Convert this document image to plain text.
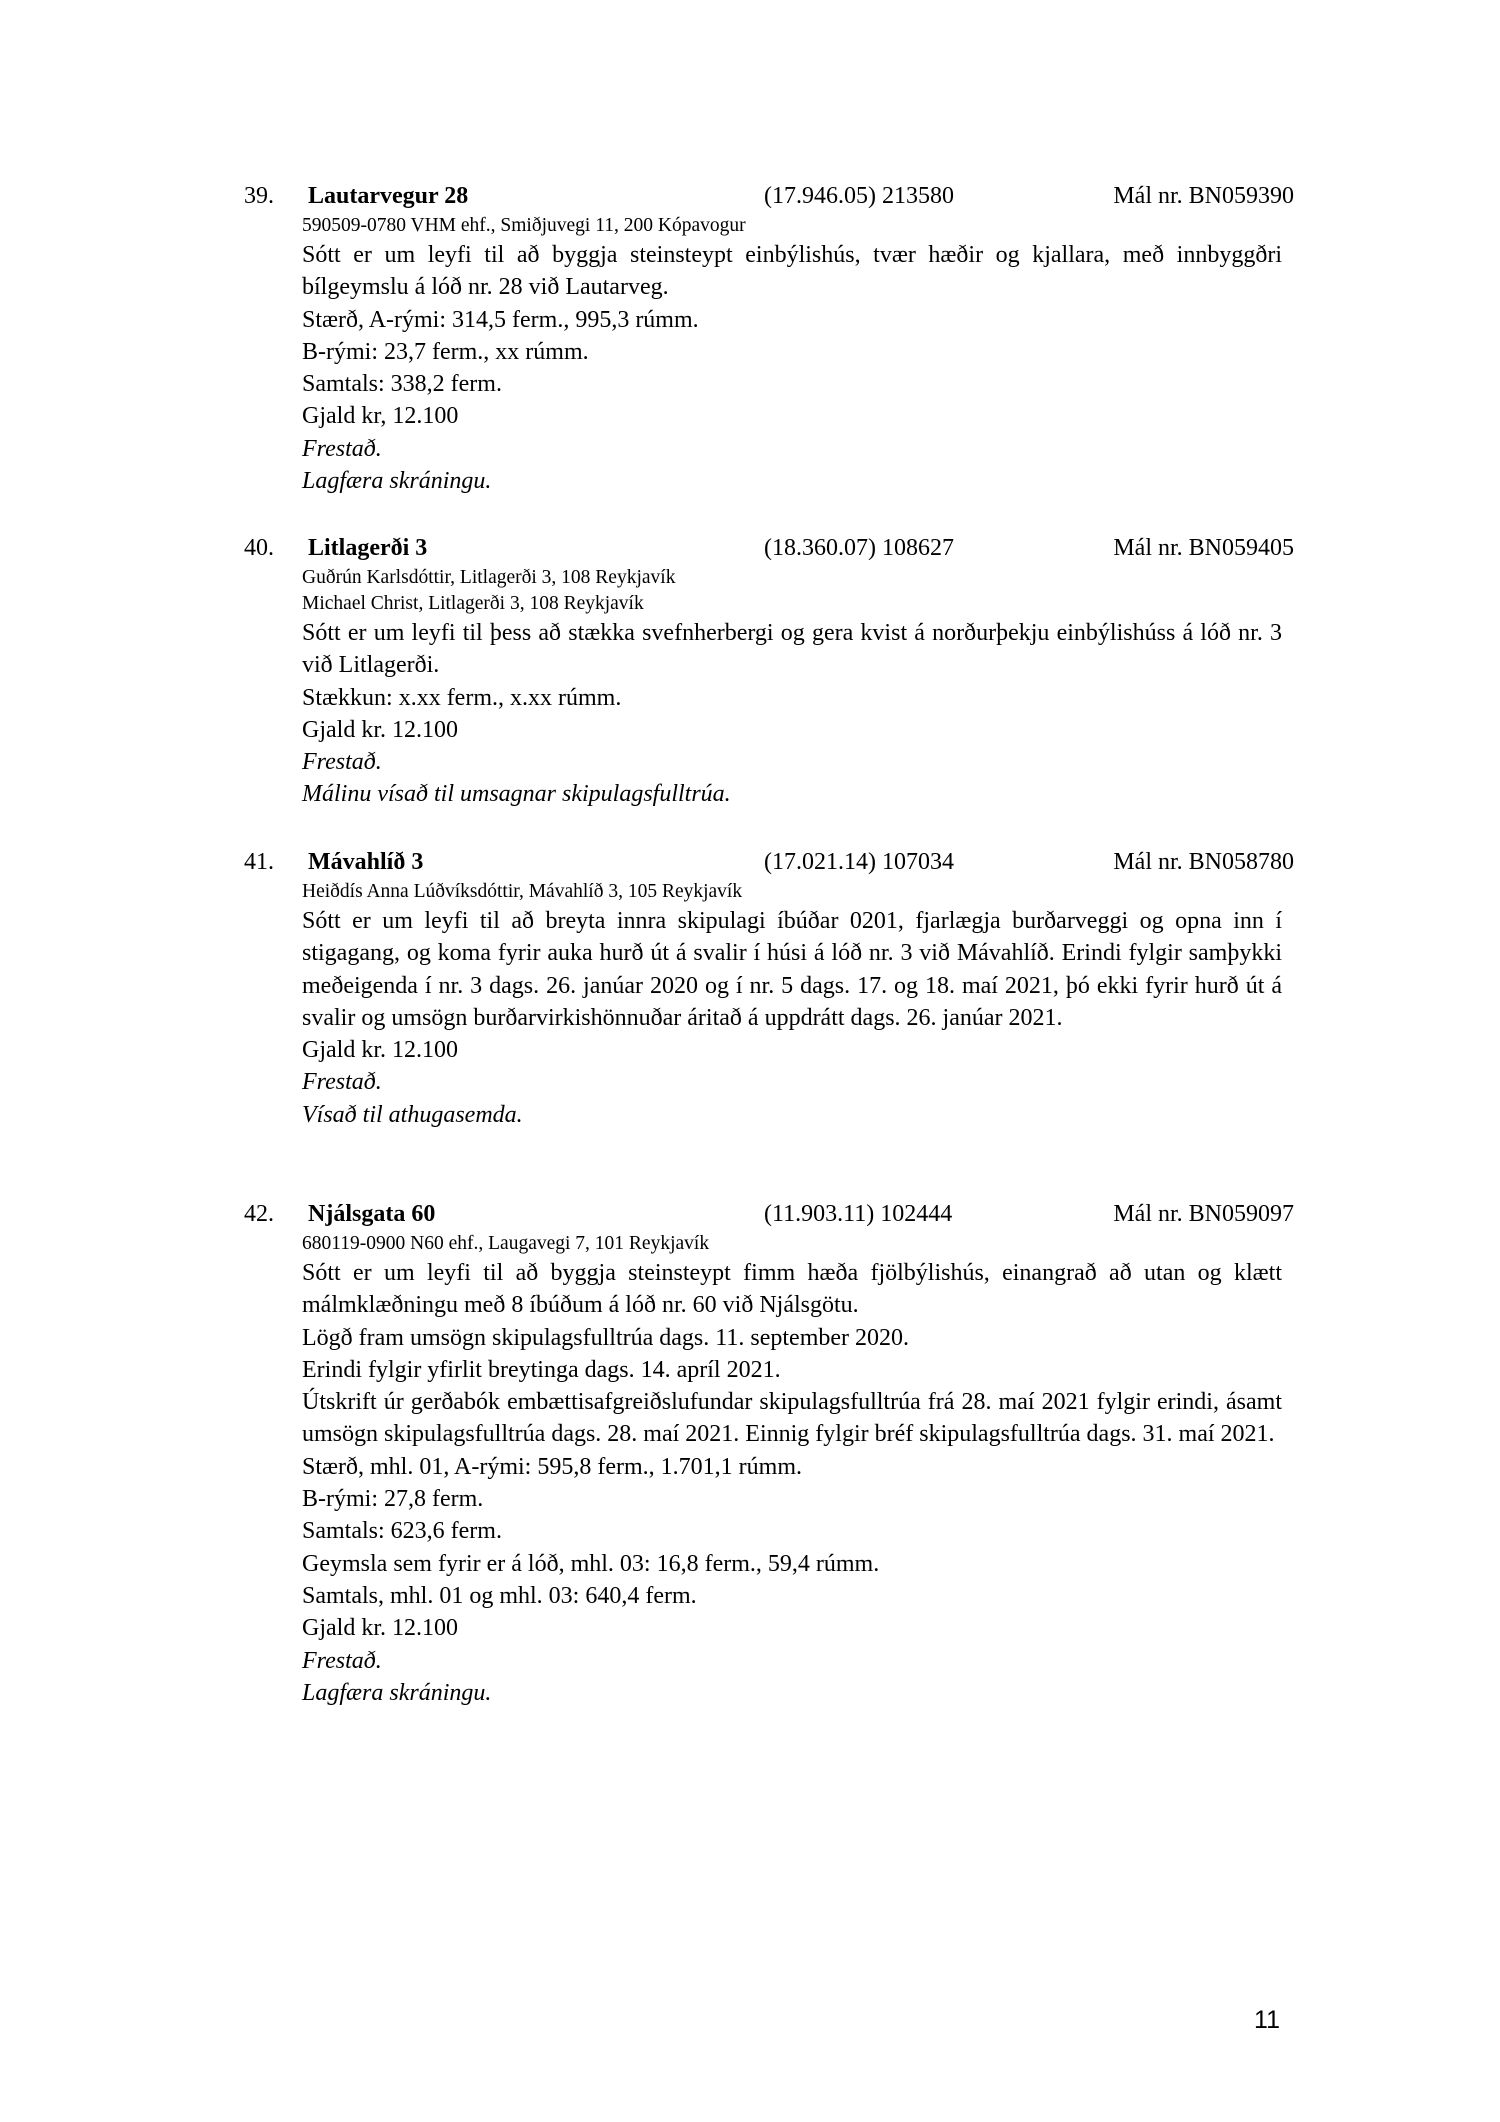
39. Lautarvegur 28	(17.946.05) 213580	Mál nr. BN059390
590509-0780 VHM ehf., Smiðjuvegi 11, 200 Kópavogur
Sótt er um leyfi til að byggja steinsteypt einbýlishús, tvær hæðir og kjallara, með innbyggðri bílgeymslu á lóð nr. 28 við Lautarveg.
Stærð, A-rými: 314,5 ferm., 995,3 rúmm.
B-rými: 23,7 ferm., xx rúmm.
Samtals: 338,2 ferm.
Gjald kr, 12.100
Frestað.
Lagfæra skráningu.
40. Litlagerði 3	(18.360.07) 108627	Mál nr. BN059405
Guðrún Karlsdóttir, Litlagerði 3, 108 Reykjavík
Michael Christ, Litlagerði 3, 108 Reykjavík
Sótt er um leyfi til þess að stækka svefnherbergi og gera kvist á norðurþekju einbýlishúss á lóð nr. 3 við Litlagerði.
Stækkun: x.xx ferm., x.xx rúmm.
Gjald kr. 12.100
Frestað.
Málinu vísað til umsagnar skipulagsfulltrúa.
41. Mávahlíð 3	(17.021.14) 107034	Mál nr. BN058780
Heiðdís Anna Lúðvíksdóttir, Mávahlíð 3, 105 Reykjavík
Sótt er um leyfi til að breyta innra skipulagi íbúðar 0201, fjarlægja burðarveggi og opna inn í stigagang, og koma fyrir auka hurð út á svalir í húsi á lóð nr. 3 við Mávahlíð. Erindi fylgir samþykki meðeigenda í nr. 3 dags. 26. janúar 2020 og í nr. 5 dags. 17. og 18. maí 2021, þó ekki fyrir hurð út á svalir og umsögn burðarvirkishönnuðar áritað á uppdrátt dags. 26. janúar 2021.
Gjald kr. 12.100
Frestað.
Vísað til athugasemda.
42. Njálsgata 60	(11.903.11) 102444	Mál nr. BN059097
680119-0900 N60 ehf., Laugavegi 7, 101 Reykjavík
Sótt er um leyfi til að byggja steinsteypt fimm hæða fjölbýlishús, einangrað að utan og klætt málmklæðningu með 8 íbúðum á lóð nr. 60 við Njálsgötu.
Lögð fram umsögn skipulagsfulltrúa dags. 11. september 2020.
Erindi fylgir yfirlit breytinga dags. 14. apríl 2021.
Útskrift úr gerðabók embættisafgreiðslufundar skipulagsfulltrúa frá 28. maí 2021 fylgir erindi, ásamt umsögn skipulagsfulltrúa dags. 28. maí 2021. Einnig fylgir bréf skipulagsfulltrúa dags. 31. maí 2021.
Stærð, mhl. 01, A-rými: 595,8 ferm., 1.701,1 rúmm.
B-rými: 27,8 ferm.
Samtals: 623,6 ferm.
Geymsla sem fyrir er á lóð, mhl. 03: 16,8 ferm., 59,4 rúmm.
Samtals, mhl. 01 og mhl. 03: 640,4 ferm.
Gjald kr. 12.100
Frestað.
Lagfæra skráningu.
11
